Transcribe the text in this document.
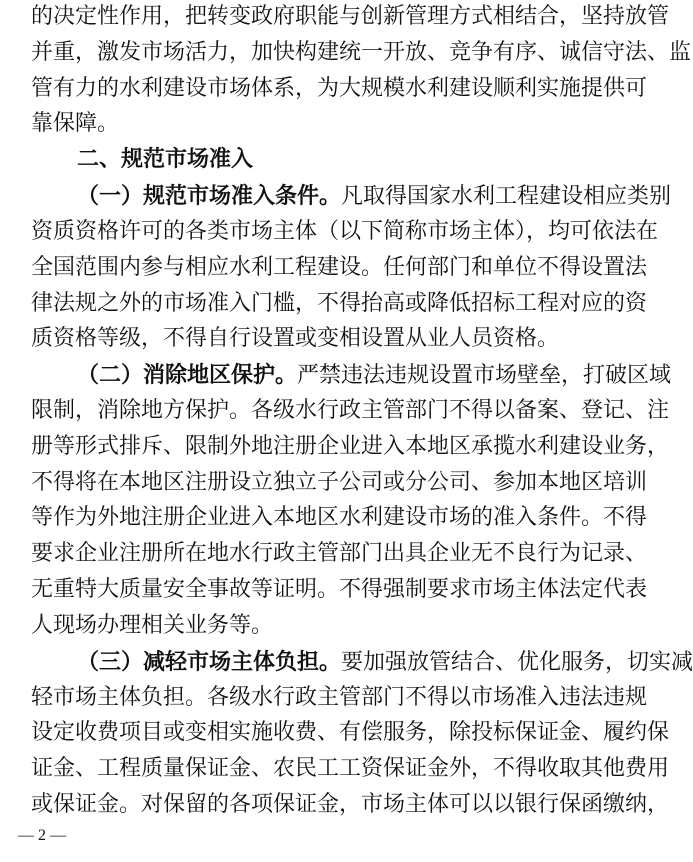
的决定性作用，把转变政府职能与创新管理方式相结合，坚持放管
并重，激发市场活力，加快构建统一开放、竞争有序、诚信守法、监
管有力的水利建设市场体系，为大规模水利建设顺利实施提供可
靠保障。
二、规范市场准入
（一）规范市场准入条件。凡取得国家水利工程建设相应类别
资质资格许可的各类市场主体（以下简称市场主体），均可依法在
全国范围内参与相应水利工程建设。任何部门和单位不得设置法
律法规之外的市场准入门槛，不得抬高或降低招标工程对应的资
质资格等级，不得自行设置或变相设置从业人员资格。
（二）消除地区保护。严禁违法违规设置市场壁垒，打破区域
限制，消除地方保护。各级水行政主管部门不得以备案、登记、注
册等形式排斥、限制外地注册企业进入本地区承揽水利建设业务，
不得将在本地区注册设立独立子公司或分公司、参加本地区培训
等作为外地注册企业进入本地区水利建设市场的准入条件。不得
要求企业注册所在地水行政主管部门出具企业无不良行为记录、
无重特大质量安全事故等证明。不得强制要求市场主体法定代表
人现场办理相关业务等。
（三）减轻市场主体负担。要加强放管结合、优化服务，切实减
轻市场主体负担。各级水行政主管部门不得以市场准入违法违规
设定收费项目或变相实施收费、有偿服务，除投标保证金、履约保
证金、工程质量保证金、农民工工资保证金外，不得收取其他费用
或保证金。对保留的各项保证金，市场主体可以以银行保函缴纳，
— 2 —
